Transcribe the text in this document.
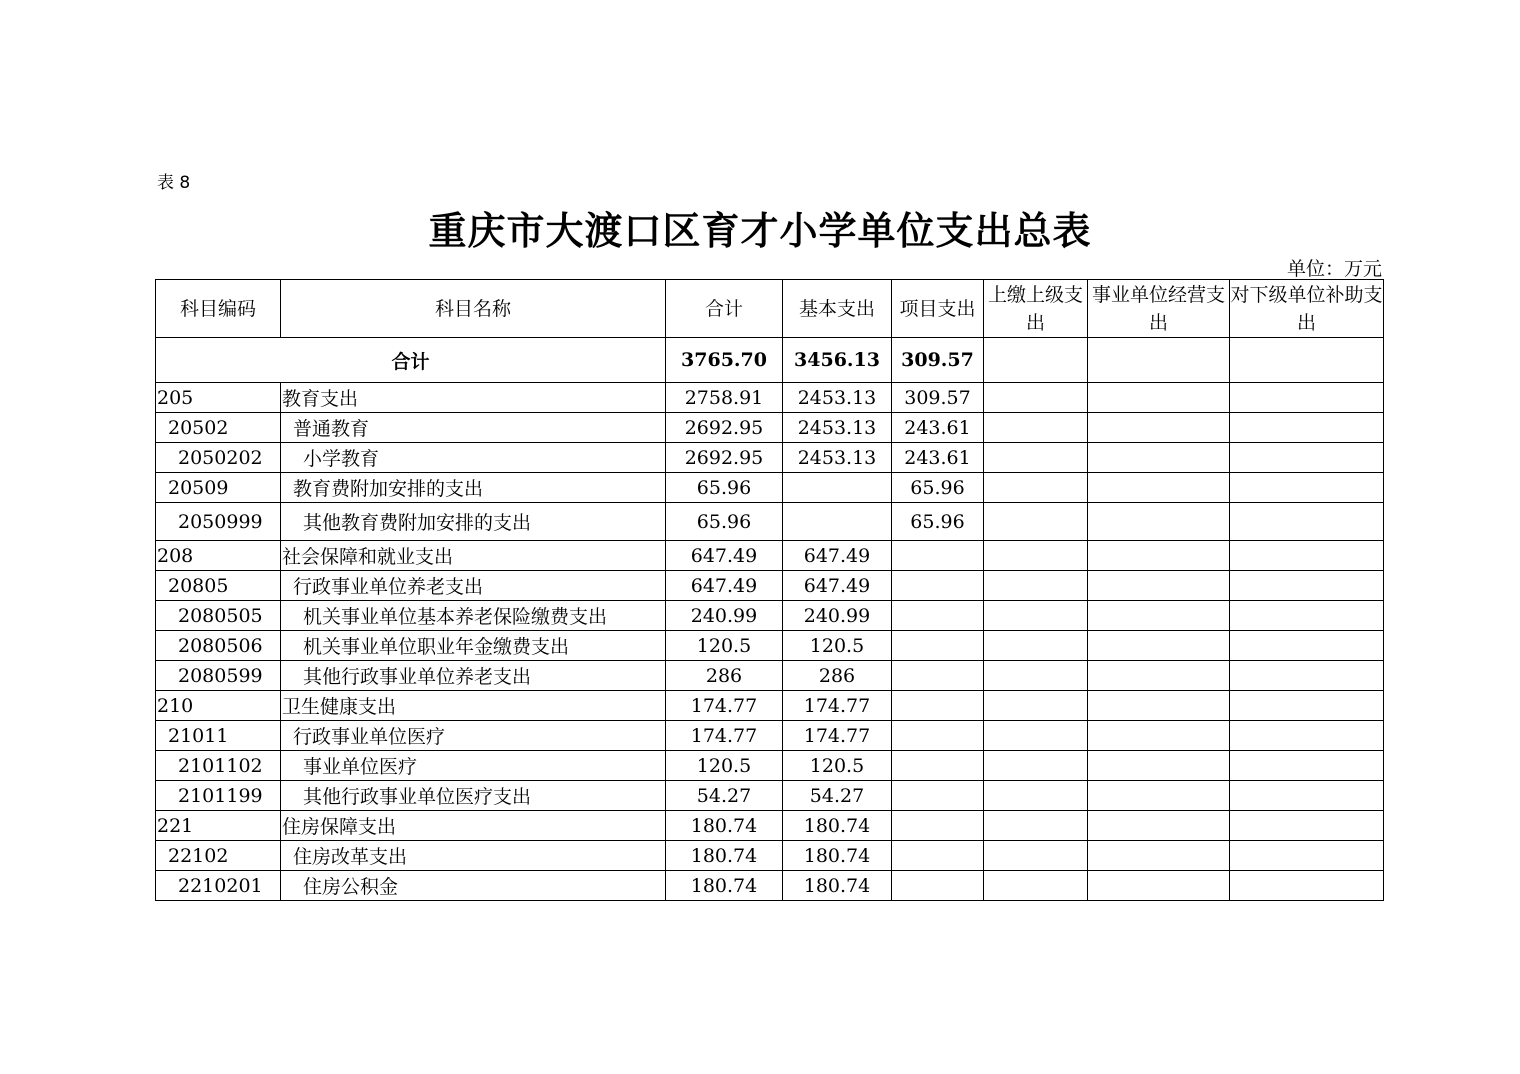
表 8
重庆市大渡口区育才小学单位支出总表
单位：万元
科目编码	科目名称	合计	基本支出	项目支出	上缴上级支出	事业单位经营支出	对下级单位补助支出
合计		3765.70	3456.13	309.57			
205	教育支出	2758.91	2453.13	309.57			
20502	普通教育	2692.95	2453.13	243.61			
2050202	小学教育	2692.95	2453.13	243.61			
20509	教育费附加安排的支出	65.96		65.96			
2050999	其他教育费附加安排的支出	65.96		65.96			
208	社会保障和就业支出	647.49	647.49				
20805	行政事业单位养老支出	647.49	647.49				
2080505	机关事业单位基本养老保险缴费支出	240.99	240.99				
2080506	机关事业单位职业年金缴费支出	120.5	120.5				
2080599	其他行政事业单位养老支出	286	286				
210	卫生健康支出	174.77	174.77				
21011	行政事业单位医疗	174.77	174.77				
2101102	事业单位医疗	120.5	120.5				
2101199	其他行政事业单位医疗支出	54.27	54.27				
221	住房保障支出	180.74	180.74				
22102	住房改革支出	180.74	180.74				
2210201	住房公积金	180.74	180.74				
